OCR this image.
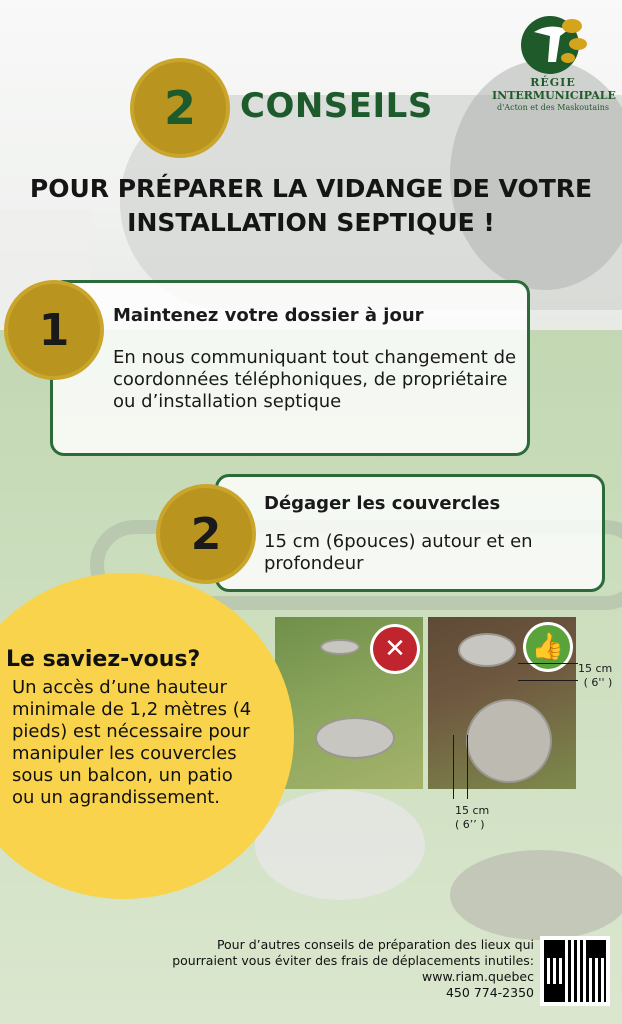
RÉGIE
INTERMUNICIPALE
d'Acton et des Maskoutains
2 CONSEILS
POUR PRÉPARER LA VIDANGE DE VOTRE INSTALLATION SEPTIQUE !
Maintenez votre dossier à jour

En nous communiquant tout changement de coordonnées téléphoniques, de propriétaire ou d’installation septique

1
Dégager les couvercles

15 cm (6pouces) autour et en profondeur

2
✕	👍
15 cm
( 6'' )
15 cm
( 6’’ )
Le saviez-vous?

Un accès d’une hauteur minimale de 1,2 mètres (4 pieds) est nécessaire pour manipuler les couvercles sous un balcon, un patio ou un agrandissement.

Pour d’autres conseils de préparation des lieux qui
pourraient vous éviter des frais de déplacements inutiles:
www.riam.quebec
450 774-2350
